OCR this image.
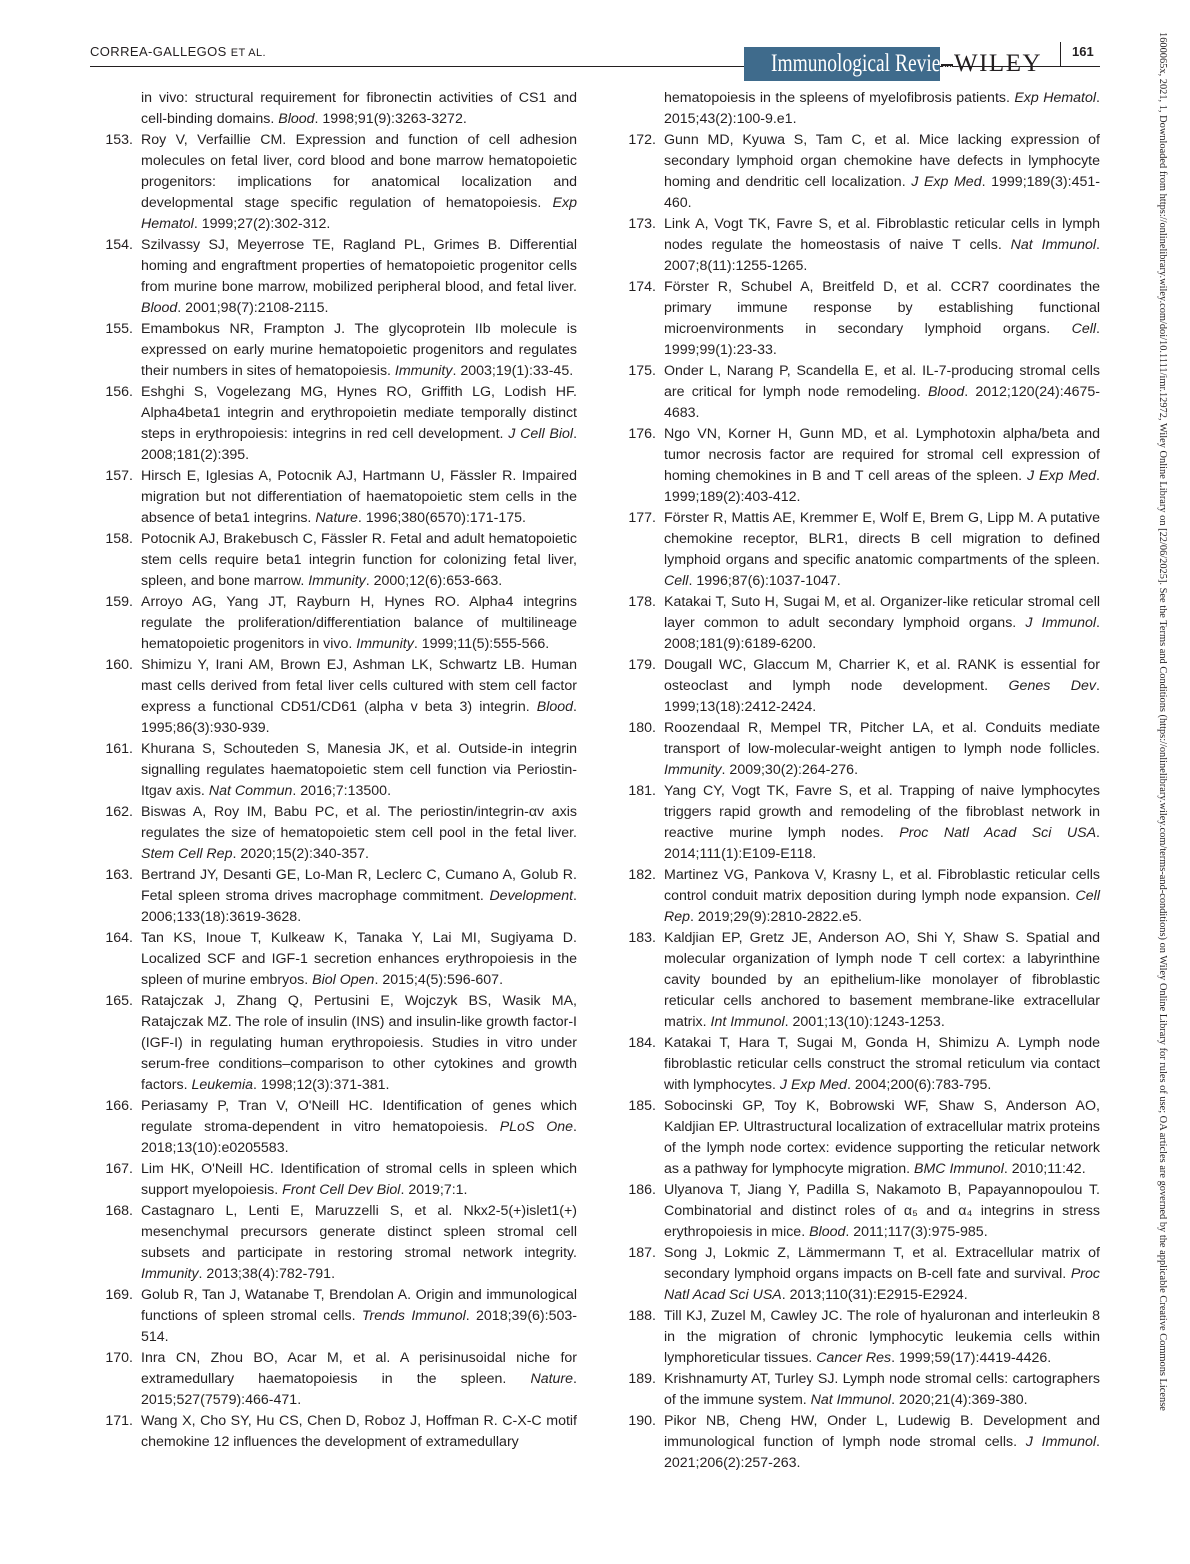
CORREA-GALLEGOS ET AL.	Immunological Reviews
WILEY 161
in vivo: structural requirement for fibronectin activities of CS1 and cell-binding domains. Blood. 1998;91(9):3263-3272.
153. Roy V, Verfaillie CM. Expression and function of cell adhesion molecules on fetal liver, cord blood and bone marrow hematopoietic progenitors: implications for anatomical localization and developmental stage specific regulation of hematopoiesis. Exp Hematol. 1999;27(2):302-312.
154. Szilvassy SJ, Meyerrose TE, Ragland PL, Grimes B. Differential homing and engraftment properties of hematopoietic progenitor cells from murine bone marrow, mobilized peripheral blood, and fetal liver. Blood. 2001;98(7):2108-2115.
155. Emambokus NR, Frampton J. The glycoprotein IIb molecule is expressed on early murine hematopoietic progenitors and regulates their numbers in sites of hematopoiesis. Immunity. 2003;19(1):33-45.
156. Eshghi S, Vogelezang MG, Hynes RO, Griffith LG, Lodish HF. Alpha4beta1 integrin and erythropoietin mediate temporally distinct steps in erythropoiesis: integrins in red cell development. J Cell Biol. 2008;181(2):395.
157. Hirsch E, Iglesias A, Potocnik AJ, Hartmann U, Fässler R. Impaired migration but not differentiation of haematopoietic stem cells in the absence of beta1 integrins. Nature. 1996;380(6570):171-175.
158. Potocnik AJ, Brakebusch C, Fässler R. Fetal and adult hematopoietic stem cells require beta1 integrin function for colonizing fetal liver, spleen, and bone marrow. Immunity. 2000;12(6):653-663.
159. Arroyo AG, Yang JT, Rayburn H, Hynes RO. Alpha4 integrins regulate the proliferation/differentiation balance of multilineage hematopoietic progenitors in vivo. Immunity. 1999;11(5):555-566.
160. Shimizu Y, Irani AM, Brown EJ, Ashman LK, Schwartz LB. Human mast cells derived from fetal liver cells cultured with stem cell factor express a functional CD51/CD61 (alpha v beta 3) integrin. Blood. 1995;86(3):930-939.
161. Khurana S, Schouteden S, Manesia JK, et al. Outside-in integrin signalling regulates haematopoietic stem cell function via Periostin-Itgav axis. Nat Commun. 2016;7:13500.
162. Biswas A, Roy IM, Babu PC, et al. The periostin/integrin-αv axis regulates the size of hematopoietic stem cell pool in the fetal liver. Stem Cell Rep. 2020;15(2):340-357.
163. Bertrand JY, Desanti GE, Lo-Man R, Leclerc C, Cumano A, Golub R. Fetal spleen stroma drives macrophage commitment. Development. 2006;133(18):3619-3628.
164. Tan KS, Inoue T, Kulkeaw K, Tanaka Y, Lai MI, Sugiyama D. Localized SCF and IGF-1 secretion enhances erythropoiesis in the spleen of murine embryos. Biol Open. 2015;4(5):596-607.
165. Ratajczak J, Zhang Q, Pertusini E, Wojczyk BS, Wasik MA, Ratajczak MZ. The role of insulin (INS) and insulin-like growth factor-I (IGF-I) in regulating human erythropoiesis. Studies in vitro under serum-free conditions–comparison to other cytokines and growth factors. Leukemia. 1998;12(3):371-381.
166. Periasamy P, Tran V, O'Neill HC. Identification of genes which regulate stroma-dependent in vitro hematopoiesis. PLoS One. 2018;13(10):e0205583.
167. Lim HK, O'Neill HC. Identification of stromal cells in spleen which support myelopoiesis. Front Cell Dev Biol. 2019;7:1.
168. Castagnaro L, Lenti E, Maruzzelli S, et al. Nkx2-5(+)islet1(+) mesenchymal precursors generate distinct spleen stromal cell subsets and participate in restoring stromal network integrity. Immunity. 2013;38(4):782-791.
169. Golub R, Tan J, Watanabe T, Brendolan A. Origin and immunological functions of spleen stromal cells. Trends Immunol. 2018;39(6):503-514.
170. Inra CN, Zhou BO, Acar M, et al. A perisinusoidal niche for extramedullary haematopoiesis in the spleen. Nature. 2015;527(7579):466-471.
171. Wang X, Cho SY, Hu CS, Chen D, Roboz J, Hoffman R. C-X-C motif chemokine 12 influences the development of extramedullary
hematopoiesis in the spleens of myelofibrosis patients. Exp Hematol. 2015;43(2):100-9.e1.
172. Gunn MD, Kyuwa S, Tam C, et al. Mice lacking expression of secondary lymphoid organ chemokine have defects in lymphocyte homing and dendritic cell localization. J Exp Med. 1999;189(3):451-460.
173. Link A, Vogt TK, Favre S, et al. Fibroblastic reticular cells in lymph nodes regulate the homeostasis of naive T cells. Nat Immunol. 2007;8(11):1255-1265.
174. Förster R, Schubel A, Breitfeld D, et al. CCR7 coordinates the primary immune response by establishing functional microenvironments in secondary lymphoid organs. Cell. 1999;99(1):23-33.
175. Onder L, Narang P, Scandella E, et al. IL-7-producing stromal cells are critical for lymph node remodeling. Blood. 2012;120(24):4675-4683.
176. Ngo VN, Korner H, Gunn MD, et al. Lymphotoxin alpha/beta and tumor necrosis factor are required for stromal cell expression of homing chemokines in B and T cell areas of the spleen. J Exp Med. 1999;189(2):403-412.
177. Förster R, Mattis AE, Kremmer E, Wolf E, Brem G, Lipp M. A putative chemokine receptor, BLR1, directs B cell migration to defined lymphoid organs and specific anatomic compartments of the spleen. Cell. 1996;87(6):1037-1047.
178. Katakai T, Suto H, Sugai M, et al. Organizer-like reticular stromal cell layer common to adult secondary lymphoid organs. J Immunol. 2008;181(9):6189-6200.
179. Dougall WC, Glaccum M, Charrier K, et al. RANK is essential for osteoclast and lymph node development. Genes Dev. 1999;13(18):2412-2424.
180. Roozendaal R, Mempel TR, Pitcher LA, et al. Conduits mediate transport of low-molecular-weight antigen to lymph node follicles. Immunity. 2009;30(2):264-276.
181. Yang CY, Vogt TK, Favre S, et al. Trapping of naive lymphocytes triggers rapid growth and remodeling of the fibroblast network in reactive murine lymph nodes. Proc Natl Acad Sci USA. 2014;111(1):E109-E118.
182. Martinez VG, Pankova V, Krasny L, et al. Fibroblastic reticular cells control conduit matrix deposition during lymph node expansion. Cell Rep. 2019;29(9):2810-2822.e5.
183. Kaldjian EP, Gretz JE, Anderson AO, Shi Y, Shaw S. Spatial and molecular organization of lymph node T cell cortex: a labyrinthine cavity bounded by an epithelium-like monolayer of fibroblastic reticular cells anchored to basement membrane-like extracellular matrix. Int Immunol. 2001;13(10):1243-1253.
184. Katakai T, Hara T, Sugai M, Gonda H, Shimizu A. Lymph node fibroblastic reticular cells construct the stromal reticulum via contact with lymphocytes. J Exp Med. 2004;200(6):783-795.
185. Sobocinski GP, Toy K, Bobrowski WF, Shaw S, Anderson AO, Kaldjian EP. Ultrastructural localization of extracellular matrix proteins of the lymph node cortex: evidence supporting the reticular network as a pathway for lymphocyte migration. BMC Immunol. 2010;11:42.
186. Ulyanova T, Jiang Y, Padilla S, Nakamoto B, Papayannopoulou T. Combinatorial and distinct roles of α₅ and α₄ integrins in stress erythropoiesis in mice. Blood. 2011;117(3):975-985.
187. Song J, Lokmic Z, Lämmermann T, et al. Extracellular matrix of secondary lymphoid organs impacts on B-cell fate and survival. Proc Natl Acad Sci USA. 2013;110(31):E2915-E2924.
188. Till KJ, Zuzel M, Cawley JC. The role of hyaluronan and interleukin 8 in the migration of chronic lymphocytic leukemia cells within lymphoreticular tissues. Cancer Res. 1999;59(17):4419-4426.
189. Krishnamurty AT, Turley SJ. Lymph node stromal cells: cartographers of the immune system. Nat Immunol. 2020;21(4):369-380.
190. Pikor NB, Cheng HW, Onder L, Ludewig B. Development and immunological function of lymph node stromal cells. J Immunol. 2021;206(2):257-263.
1600065x, 2021, 1, Downloaded from https://onlinelibrary.wiley.com/doi/10.1111/imr.12972, Wiley Online Library on [22/06/2025]. See the Terms and Conditions (https://onlinelibrary.wiley.com/terms-and-conditions) on Wiley Online Library for rules of use; OA articles are governed by the applicable Creative Commons License
